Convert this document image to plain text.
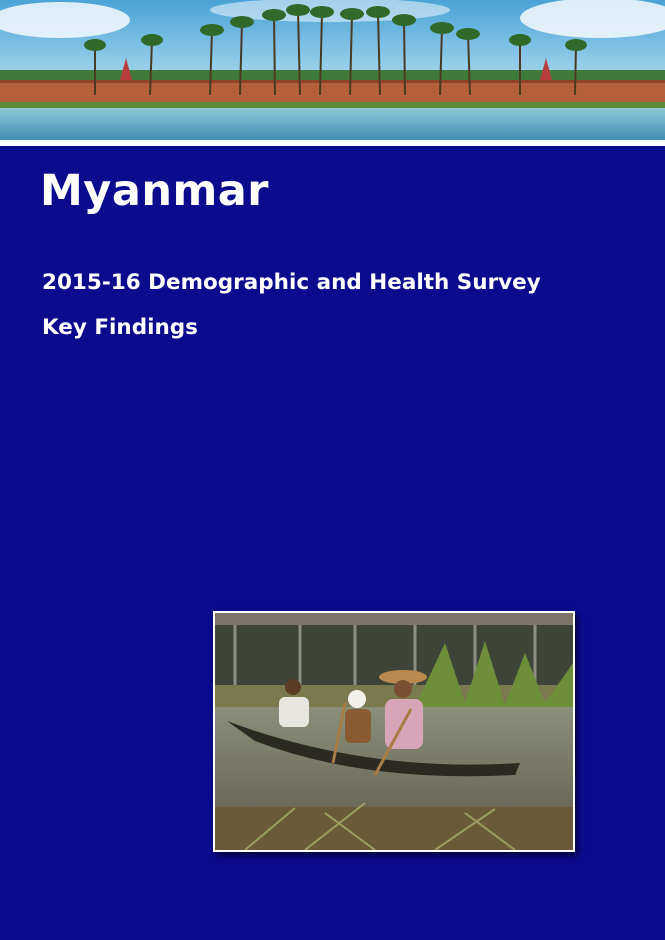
Myanmar
2015-16 Demographic and Health Survey
Key Findings
